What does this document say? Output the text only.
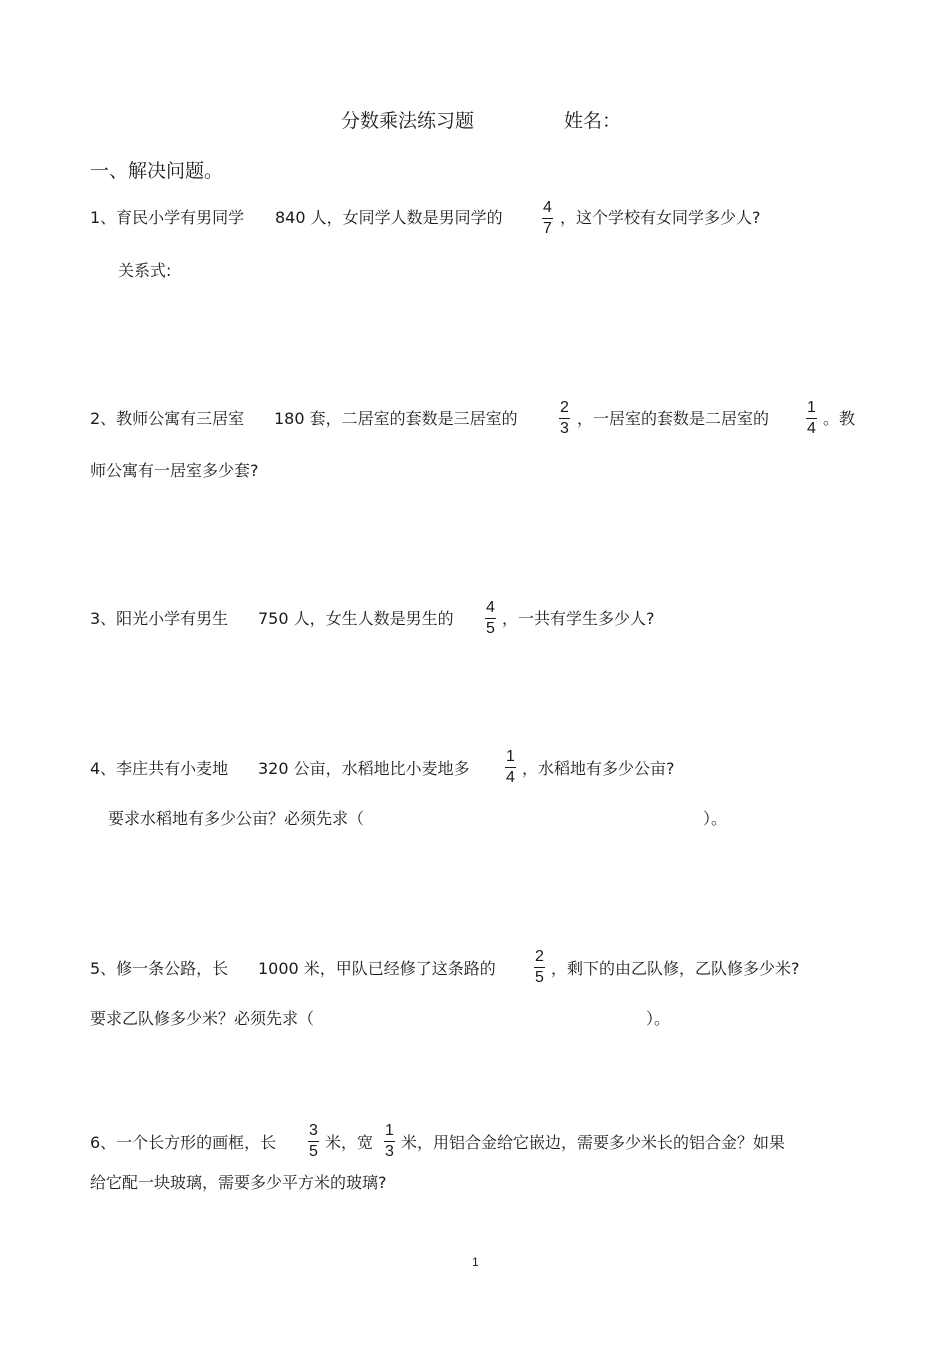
分数乘法练习题	姓名：
一、解决问题。
1、育民小学有男同学 840 人，女同学人数是男同学的
4
7
，这个学校有女同学多少人?
关系式:
2、教师公寓有三居室 180 套，二居室的套数是三居室的
2
3
，一居室的套数是二居室的
1
4
。教
师公寓有一居室多少套?
3、阳光小学有男生 750 人，女生人数是男生的
4
5
，一共有学生多少人?
4、李庄共有小麦地 320 公亩，水稻地比小麦地多
1
4 ，水稻地有多少公亩?
要求水稻地有多少公亩？必须先求（	）。
5、修一条公路，长 1000 米，甲队已经修了这条路的
2
5 ，剩下的由乙队修，乙队修多少米?
要求乙队修多少米？必须先求（	）。
6、一个长方形的画框，长
3
5 米，宽
1
3 米，用铝合金给它嵌边，需要多少米长的铝合金？如果
给它配一块玻璃，需要多少平方米的玻璃?
1
